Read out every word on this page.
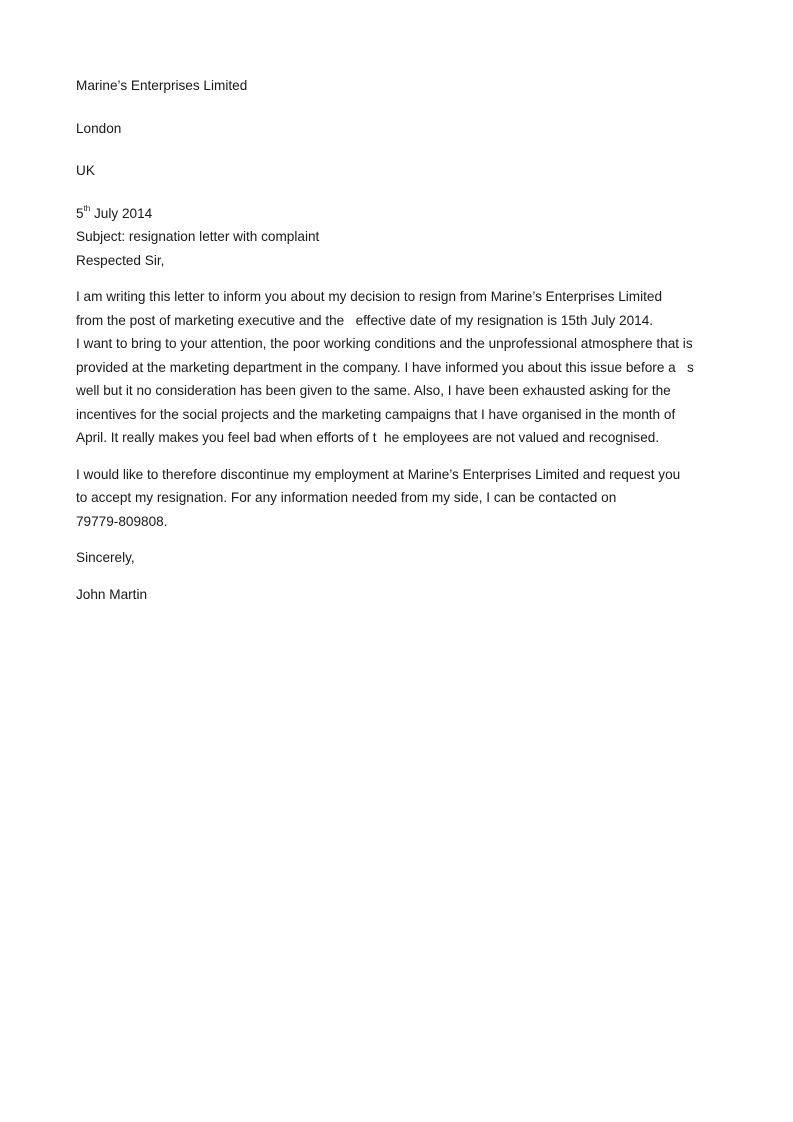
Marine’s Enterprises Limited
London
UK
5th July 2014
Subject: resignation letter with complaint
Respected Sir,
I am writing this letter to inform you about my decision to resign from Marine’s Enterprises Limited
from the post of marketing executive and the   effective date of my resignation is 15th July 2014.
I want to bring to your attention, the poor working conditions and the unprofessional atmosphere that is
provided at the marketing department in the company. I have informed you about this issue before a   s
well but it no consideration has been given to the same. Also, I have been exhausted asking for the
incentives for the social projects and the marketing campaigns that I have organised in the month of
April. It really makes you feel bad when efforts of t  he employees are not valued and recognised.
I would like to therefore discontinue my employment at Marine’s Enterprises Limited and request you
to accept my resignation. For any information needed from my side, I can be contacted on
79779-809808.
Sincerely,
John Martin
